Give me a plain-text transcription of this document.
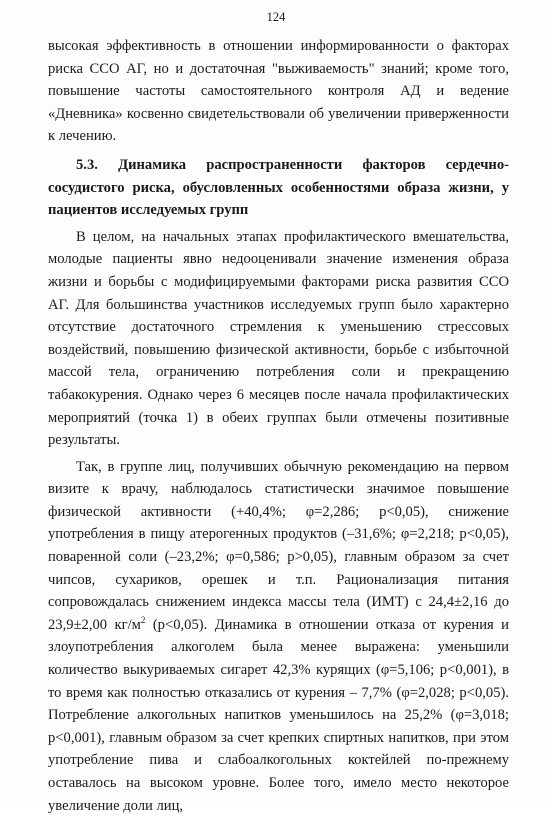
124

высокая эффективность в отношении информированности о факторах риска ССО АГ, но и достаточная "выживаемость" знаний; кроме того, повышение частоты самостоятельного контроля АД и ведение «Дневника» косвенно свидетельствовали об увеличении приверженности к лечению.

5.3. Динамика распространенности факторов сердечно-сосудистого риска, обусловленных особенностями образа жизни, у пациентов исследуемых групп

В целом, на начальных этапах профилактического вмешательства, молодые пациенты явно недооценивали значение изменения образа жизни и борьбы с модифицируемыми факторами риска развития ССО АГ. Для большинства участников исследуемых групп было характерно отсутствие достаточного стремления к уменьшению стрессовых воздействий, повышению физической активности, борьбе с избыточной массой тела, ограничению потребления соли и прекращению табакокурения. Однако через 6 месяцев после начала профилактических мероприятий (точка 1) в обеих группах были отмечены позитивные результаты.

Так, в группе лиц, получивших обычную рекомендацию на первом визите к врачу, наблюдалось статистически значимое повышение физической активности (+40,4%; φ=2,286; p<0,05), снижение употребления в пищу атерогенных продуктов (–31,6%; φ=2,218; p<0,05), поваренной соли (–23,2%; φ=0,586; p>0,05), главным образом за счет чипсов, сухариков, орешек и т.п. Рационализация питания сопровождалась снижением индекса массы тела (ИМТ) с 24,4±2,16 до 23,9±2,00 $кг/м^2$ (p<0,05). Динамика в отношении отказа от курения и злоупотребления алкоголем была менее выражена: уменьшили количество выкуриваемых сигарет 42,3% курящих (φ=5,106; p<0,001), в то время как полностью отказались от курения – 7,7% (φ=2,028; p<0,05). Потребление алкогольных напитков уменьшилось на 25,2% (φ=3,018; p<0,001), главным образом за счет крепких спиртных напитков, при этом употребление пива и слабоалкогольных коктейлей по-прежнему оставалось на высоком уровне. Более того, имело место некоторое увеличение доли лиц,
